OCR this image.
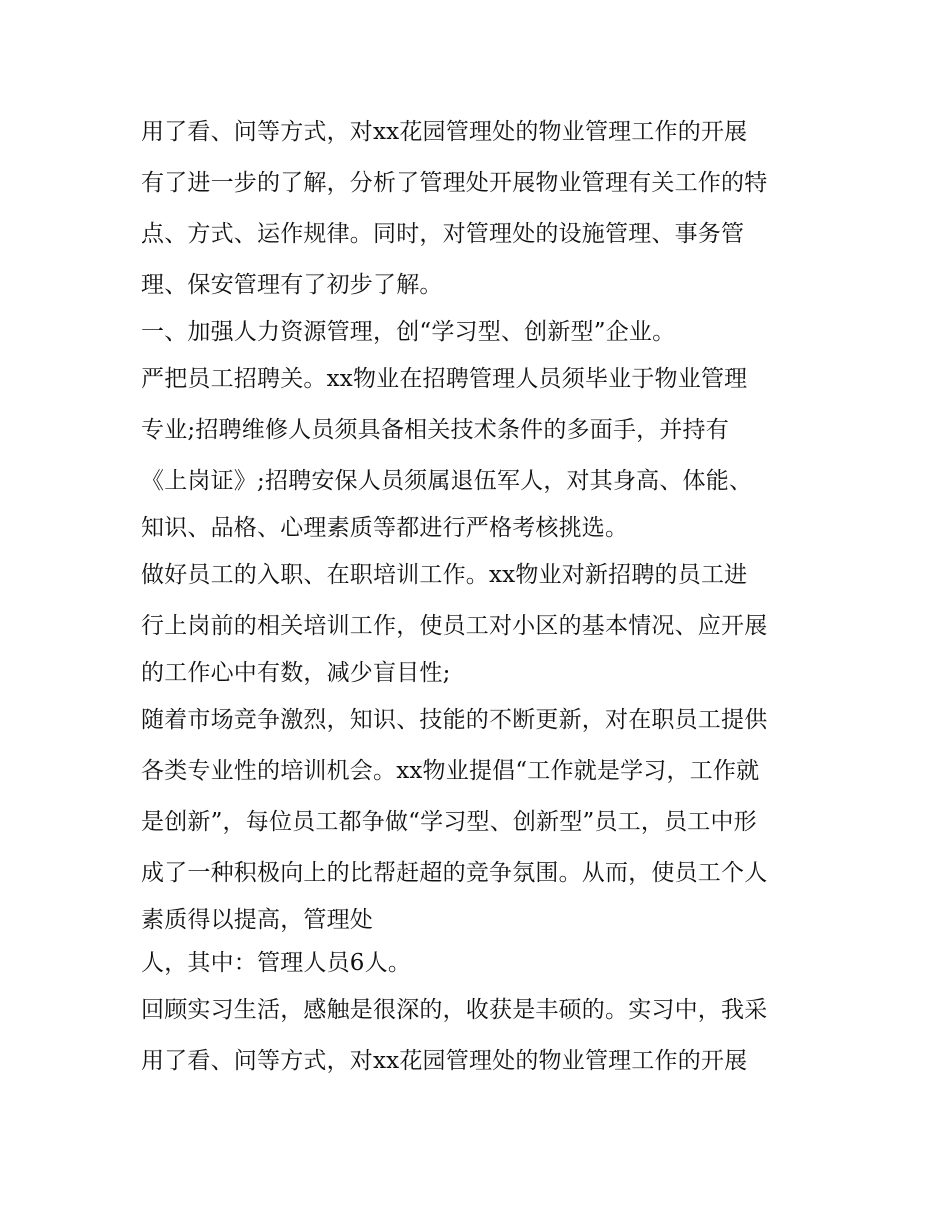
用了看、问等方式，对xx花园管理处的物业管理工作的开展
有了进一步的了解，分析了管理处开展物业管理有关工作的特
点、方式、运作规律。同时，对管理处的设施管理、事务管
理、保安管理有了初步了解。
一、加强人力资源管理，创“学习型、创新型”企业。
严把员工招聘关。xx物业在招聘管理人员须毕业于物业管理
专业;招聘维修人员须具备相关技术条件的多面手，并持有
《上岗证》;招聘安保人员须属退伍军人，对其身高、体能、
知识、品格、心理素质等都进行严格考核挑选。
做好员工的入职、在职培训工作。xx物业对新招聘的员工进
行上岗前的相关培训工作，使员工对小区的基本情况、应开展
的工作心中有数，减少盲目性;
随着市场竞争激烈，知识、技能的不断更新，对在职员工提供
各类专业性的培训机会。xx物业提倡“工作就是学习，工作就
是创新”，每位员工都争做“学习型、创新型”员工，员工中形
成了一种积极向上的比帮赶超的竞争氛围。从而，使员工个人
素质得以提高，管理处
人，其中：管理人员6人。
回顾实习生活，感触是很深的，收获是丰硕的。实习中，我采
用了看、问等方式，对xx花园管理处的物业管理工作的开展
